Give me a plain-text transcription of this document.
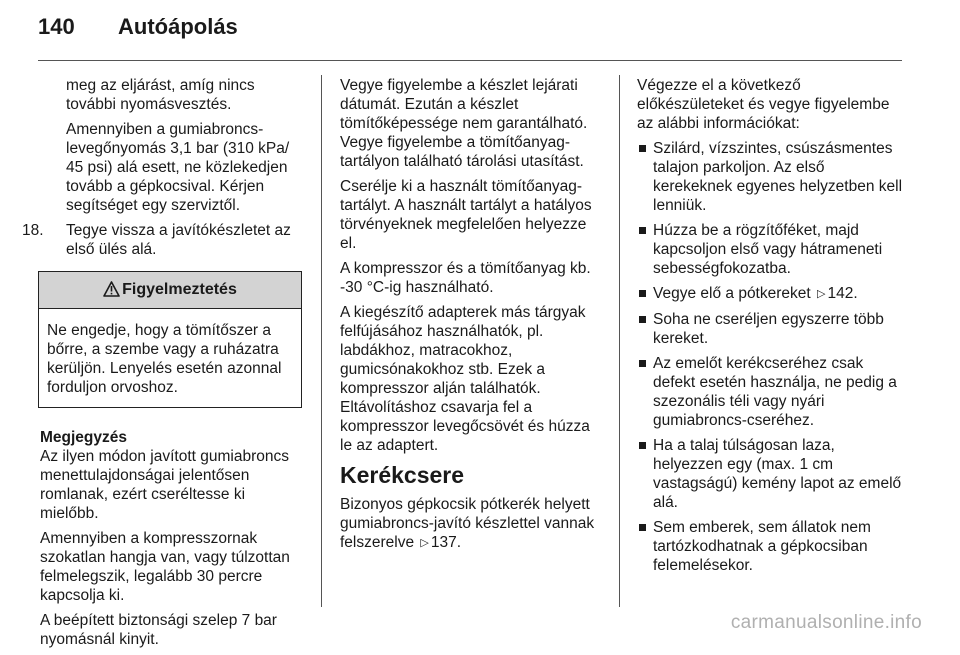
140 Autóápolás

meg az eljárást, amíg nincs további nyomásvesztés.

Amennyiben a gumiabroncs-levegőnyomás 3,1 bar (310 kPa/ 45 psi) alá esett, ne közlekedjen tovább a gépkocsival. Kérjen segítséget egy szerviztől.

18. Tegye vissza a javítókészletet az első ülés alá.
Figyelmeztetés
Ne engedje, hogy a tömítőszer a bőrre, a szembe vagy a ruházatra kerüljön. Lenyelés esetén azonnal forduljon orvoshoz.
Megjegyzés

Az ilyen módon javított gumiabroncs menettulajdonságai jelentősen romlanak, ezért cseréltesse ki mielőbb.

Amennyiben a kompresszornak szokatlan hangja van, vagy túlzottan felmelegszik, legalább 30 percre kapcsolja ki.

A beépített biztonsági szelep 7 bar nyomásnál kinyit.

Vegye figyelembe a készlet lejárati dátumát. Ezután a készlet tömítőképessége nem garantálható. Vegye figyelembe a tömítőanyag-tartályon található tárolási utasítást.

Cserélje ki a használt tömítőanyag-tartályt. A használt tartályt a hatályos törvényeknek megfelelően helyezze el.

A kompresszor és a tömítőanyag kb. -30 °C-ig használható.

A kiegészítő adapterek más tárgyak felfújásához használhatók, pl. labdákhoz, matracokhoz, gumicsónakokhoz stb. Ezek a kompresszor alján találhatók. Eltávolításhoz csavarja fel a kompresszor levegőcsövét és húzza le az adaptert.

Kerékcsere

Bizonyos gépkocsik pótkerék helyett gumiabroncs-javító készlettel vannak felszerelve ▷ 137.

Végezze el a következő előkészületeket és vegye figyelembe az alábbi információkat:

Szilárd, vízszintes, csúszásmentes talajon parkoljon. Az első kerekeknek egyenes helyzetben kell lenniük.
Húzza be a rögzítőféket, majd kapcsoljon első vagy hátrameneti sebességfokozatba.
Vegye elő a pótkereket ▷ 142.
Soha ne cseréljen egyszerre több kereket.
Az emelőt kerékcseréhez csak defekt esetén használja, ne pedig a szezonális téli vagy nyári gumiabroncs-cseréhez.
Ha a talaj túlságosan laza, helyezzen egy (max. 1 cm vastagságú) kemény lapot az emelő alá.
Sem emberek, sem állatok nem tartózkodhatnak a gépkocsiban felemelésekor.
carmanualsonline.info
